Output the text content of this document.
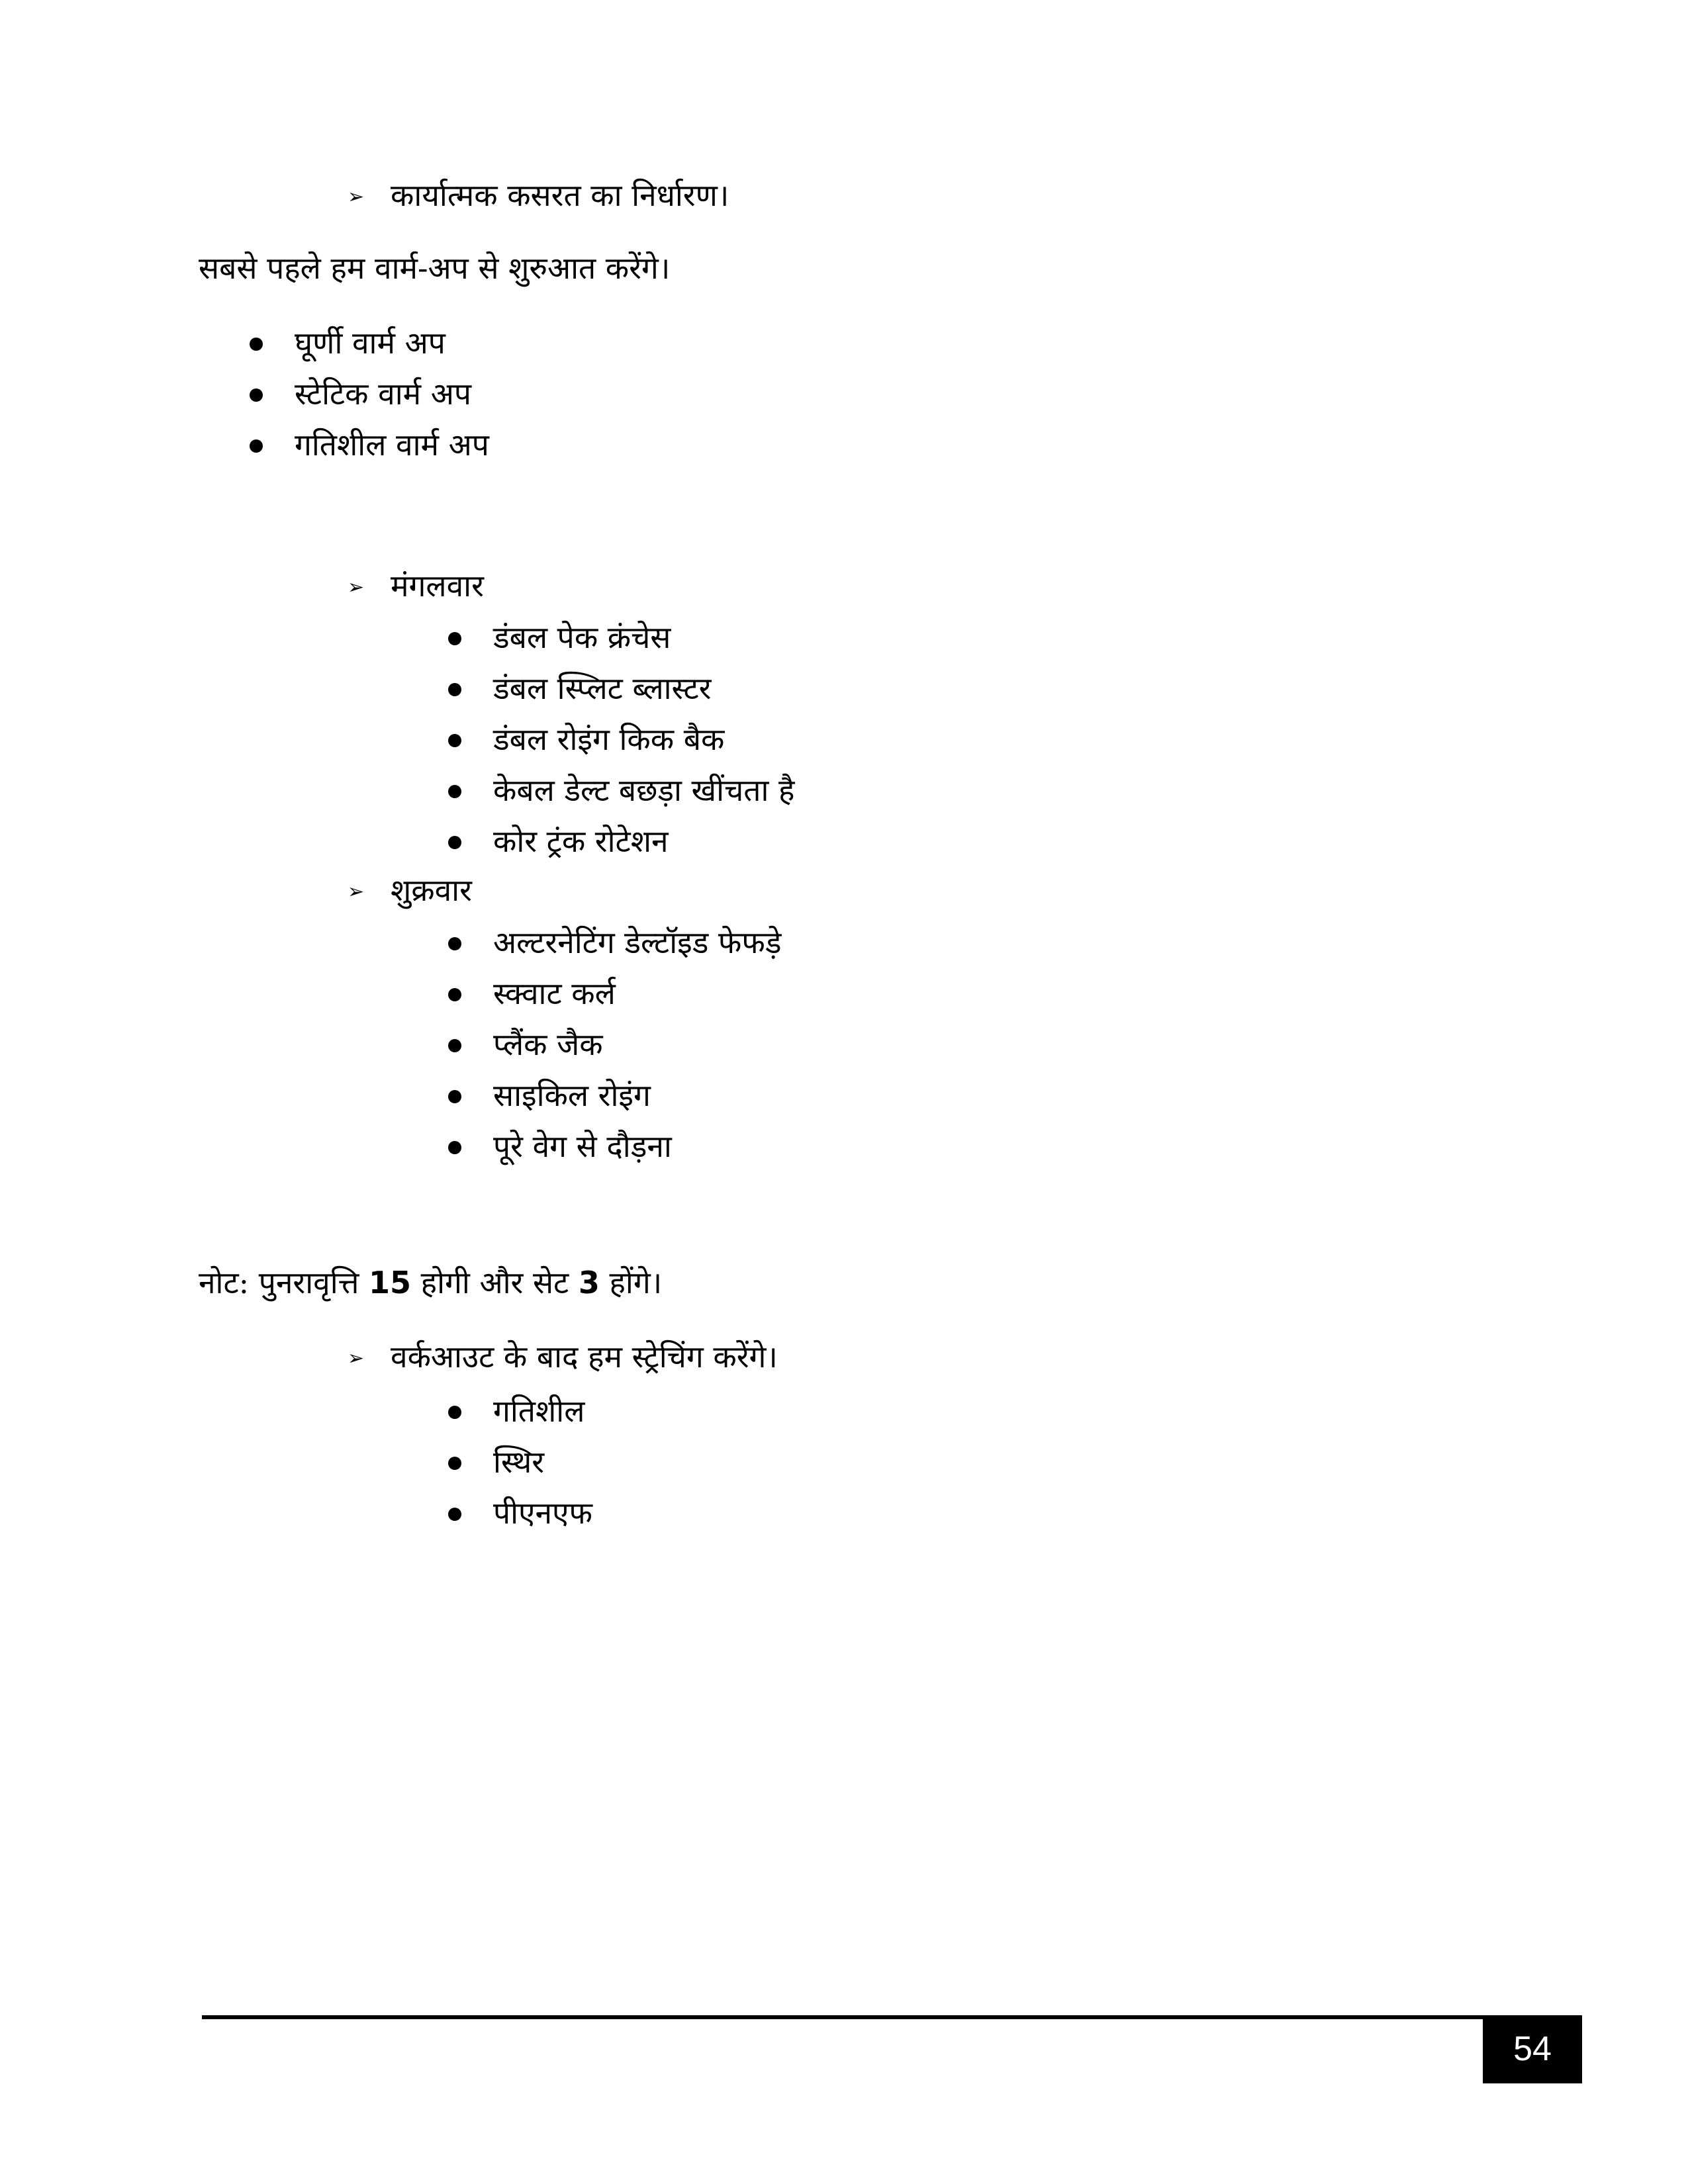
➢ कार्यात्मक कसरत का निर्धारण।
सबसे पहले हम वार्म-अप से शुरुआत करेंगे।
घूर्णी वार्म अप
स्टेटिक वार्म अप
गतिशील वार्म अप
➢ मंगलवार
डंबल पेक क्रंचेस
डंबल स्प्लिट ब्लास्टर
डंबल रोइंग किक बैक
केबल डेल्ट बछड़ा खींचता है
कोर ट्रंक रोटेशन
➢ शुक्रवार
अल्टरनेटिंग डेल्टॉइड फेफड़े
स्क्वाट कर्ल
प्लैंक जैक
साइकिल रोइंग
पूरे वेग से दौड़ना
नोट: पुनरावृत्ति 15 होगी और सेट 3 होंगे।
➢ वर्कआउट के बाद हम स्ट्रेचिंग करेंगे।
गतिशील
स्थिर
पीएनएफ
54
